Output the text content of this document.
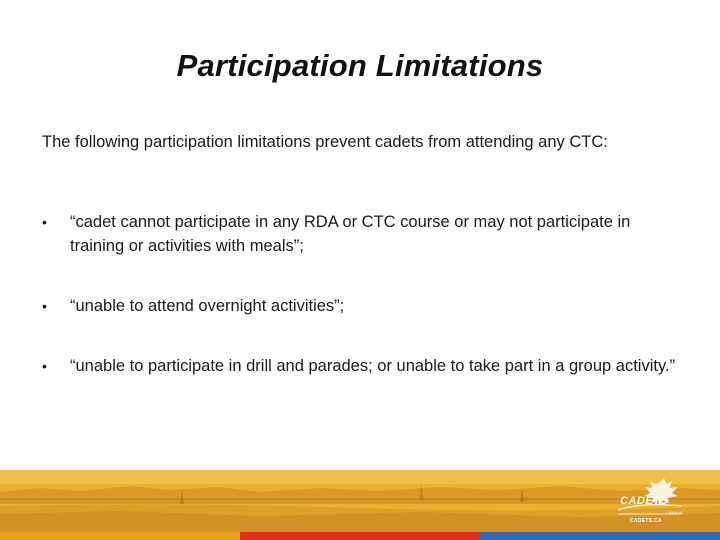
Participation Limitations
The following participation limitations prevent cadets from attending any CTC:
•	“cadet cannot participate in any RDA or CTC course or may not participate in training or activities with meals”;
•	“unable to attend overnight activities”;
•	“unable to participate in drill and parades; or unable to take part in a group activity.”
CADETS
CANADA
CADETS.CA
